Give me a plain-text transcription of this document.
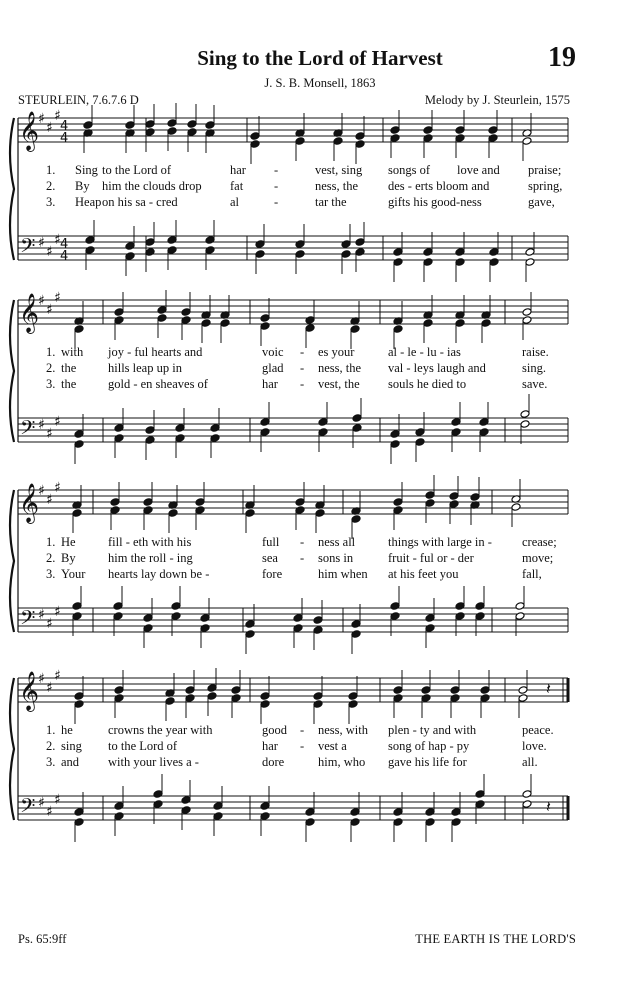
Sing to the Lord of Harvest	19
J. S. B. Monsell, 1863
STEURLEIN, 7.6.7.6 D	Melody by J. Steurlein, 1575
Ps. 65:9ff	THE EARTH IS THE LORD'S
𝄞
𝄢
♯
♯
♯
♯
♯
♯
4
4
4
4
1. Sing to the Lord of	har -	vest, sing songs of love and praise;
2. By him the clouds drop fat -	ness, the des - erts bloom and	spring,
3. Heap on his sa - cred	al	-	tar the	gifts his good-ness	gave,
𝄞
𝄢
♯
♯
♯
♯
♯
♯
1. with joy - ful hearts and	voic - es your	al - le - lu - ias	raise.
2. the	hills leap up in	glad - ness, the val - leys laugh and	sing.
3. the	gold - en sheaves of	har - vest, the souls he died to	save.
𝄞
𝄢
♯
♯
♯
♯
♯
♯
1. He	fill - eth with his	full - ness all	things with large in - crease;
2. By	him the roll - ing	sea - sons in	fruit - ful or - der	move;
3. Your hearts lay down be -	fore	him when at his feet you	fall,
𝄞
𝄢
♯
♯
♯
♯
♯
♯
𝄽
𝄽
1. he	crowns the year with	good - ness, with plen - ty and with	peace.
2. sing to the Lord of	har - vest a	song of hap - py	love.
3. and with your lives a -	dore	him, who gave his life for	all.
